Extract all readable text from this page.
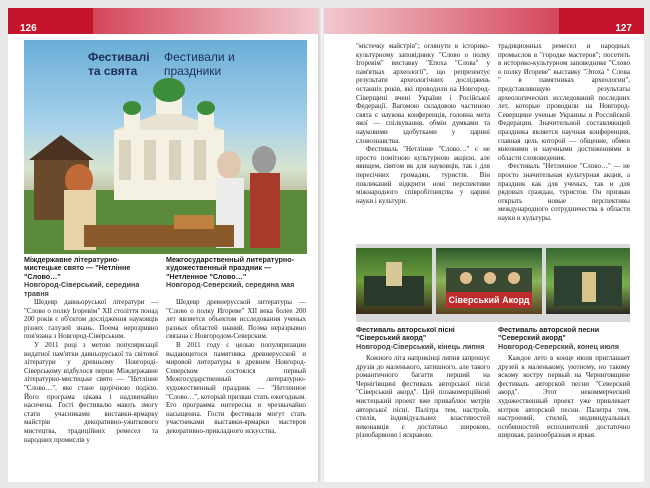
126
Фестивалі та свята
Фестивали и праздники
Міждержавне літературно-мистецьке свято — "Нетлінне "Слово…"
Новгород-Сіверський, середина травня
Межгосударственный литературно-художественный праздник — "Нетленное "Слово…"
Новгород-Северский, середина мая

Шедевр давньоруської літератури — "Слово о полку Ігоревім" ХІІ століття понад 200 років є об'єктом дослідження науковців різних галузей знань. Поема нерозривно пов'язана з Новгород-Сіверським.

У 2011 році з метою популяризації видатної пам'ятки давньоруської та світової літератури у древньому Новгороді-Сіверському відбулося перше Міждержавне літературно-мистецьке свято — "Нетлінне "Слово…", яке стане щорічною подією. Його програма цікава і надзвичайно насичена. Гості фестивалю мають змогу стати учасниками виставки-ярмарку майстрів декоративно-ужиткового мистецтва, традиційних ремесел та народних промислів у

Шедевр древнерусской литературы — "Слово о полку Игореве" XII века более 200 лет является объектом исследования ученых разных областей знаний. Поэма неразрывно связана с Новгородом-Северским.

В 2011 году с целью популяризации выдающегося памятника древнерусской и мировой литературы в древнем Новгород-Северском состоялся первый Межгосударственный литературно-художественный праздник — "Нетленное "Слово…", который призван стать ежегодным. Его программа интересна и чрезвычайно насыщенна. Гости фестиваля могут стать участниками выставки-ярмарки мастеров декоративно-прикладного искусства,

127

"містечку майстрів"; оглянути в історико-культурному заповіднику "Слово о полку Ігоревім" виставку "Епоха "Слова" у пам'ятках археології", що репрезентує результати археологічних досліджень останніх років, які проводили на Новгород-Сіверщині вчені України і Російської Федерації. Вагомою складовою частиною свята є наукова конференція, головна мета якої — спілкування, обмін думками та науковими здобутками у царині словознавства.

Фестиваль "Нетлінне "Слово…" є не просто помітною культурною акцією, але явищем, святом як для науковців, так і для пересічних громадян, туристів. Він покликаний відкрити нові перспективи міжнародного співробітництва у царині науки і культури.

традиционных ремесел и народных промыслов в "городке мастеров"; посетить в историко-культурном заповеднике "Слово о полку Игореве" выставку "Эпоха " Слова " в памятниках археологии", представляющую результаты археологических исследований последних лет, которые проводили на Новгород-Северщине ученые Украины и Российской Федерации. Значительной составляющей праздника является научная конференция, главная цель которой — общение, обмен мнениями и научными достижениями в области слововедения.

Фестиваль "Нетленное "Слово…" — не просто значительная культурная акция, а праздник как для ученых, так и для рядовых граждан, туристов. Он призван открыть новые перспективы международного сотрудничества в области науки и культуры.

Сіверський Акорд
Фестиваль авторської пісні "Сіверський акорд"
Новгород-Сіверський, кінець липня
Фестиваль авторской песни "Северский акорд"
Новгород-Северский, конец июля

Кожного літа наприкінці липня запрошує друзів до маленького, затишного, але такого романтичного багаття перший на Чернігівщині фестиваль авторської пісні "Сіверський акорд". Цей позакомерційний мистецький проект вже приваблює метрів авторської пісні. Палітра тем, настроїв, стилів, індивідуальних властивостей виконавців є достатньо широкою, різнобарвною і яскравою.

Каждое лето в конце июля приглашает друзей к маленькому, уютному, но такому яскому костру первый на Черниговщине фестиваль авторской песни "Северский акорд". Этот некоммерческий художественный проект уже привлекает мэтров авторской песни. Палитра тем, настроений, стилей, индивидуальных особенностей исполнителей достаточно широкая, разнообразная и яркая.
